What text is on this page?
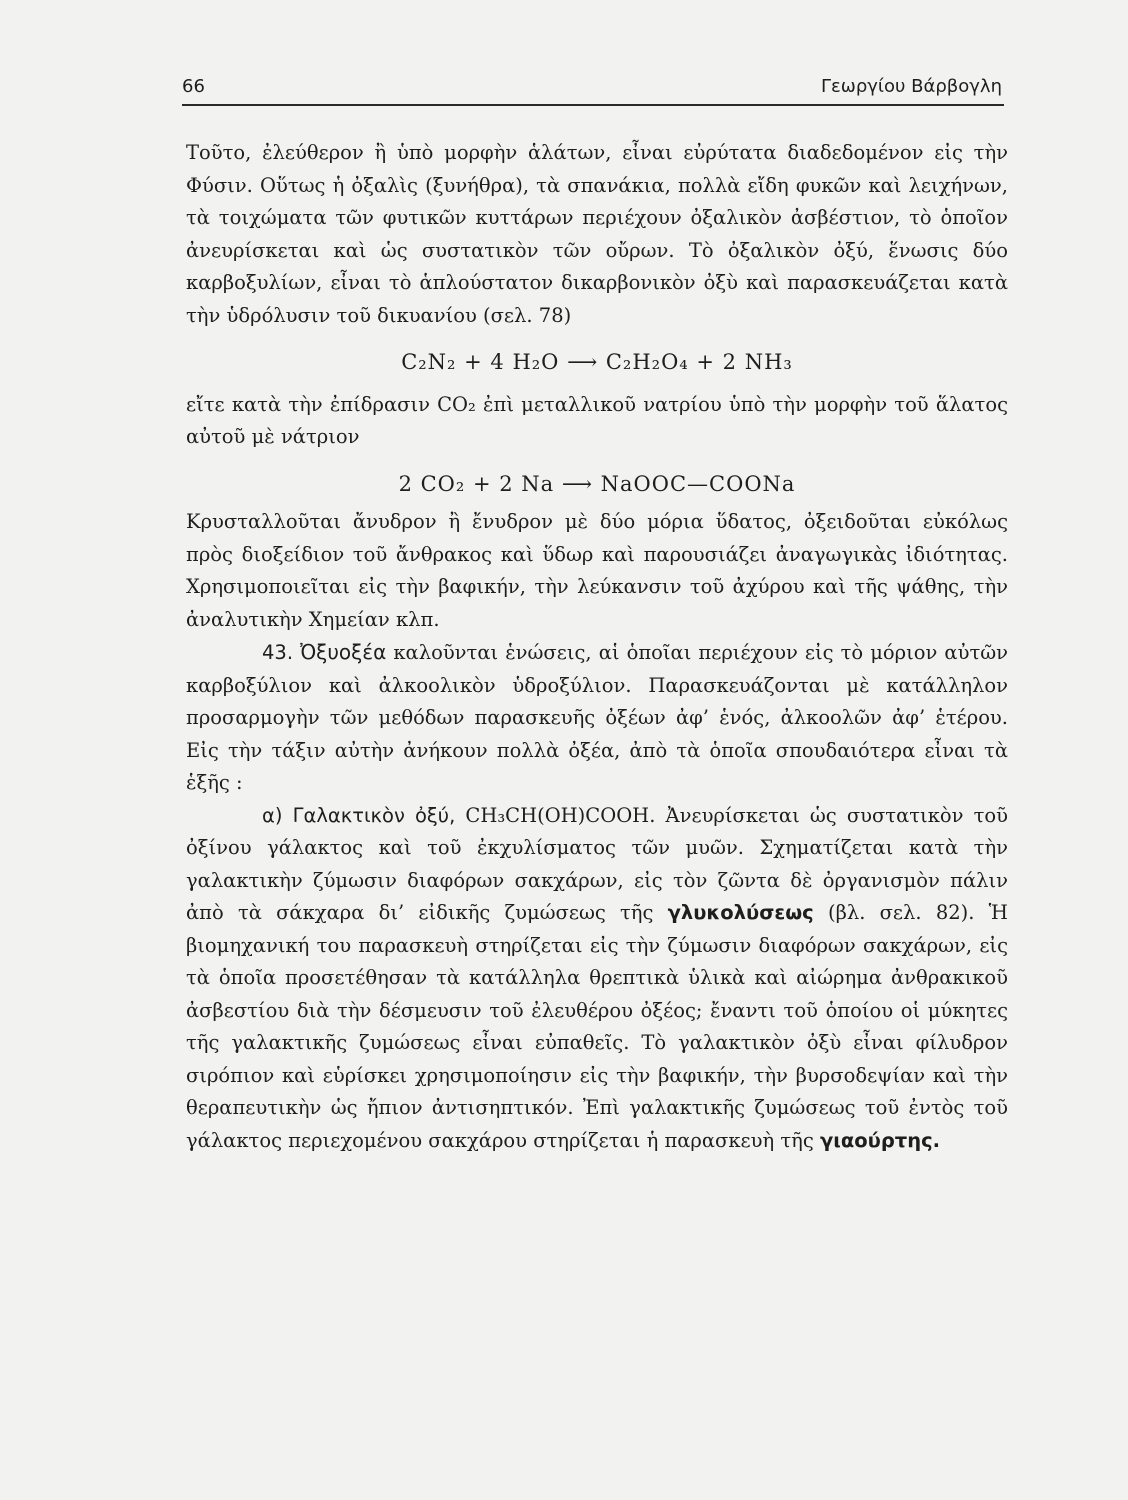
66	Γεωργίου Βάρβογλη

Τοῦτο, ἐλεύθερον ἢ ὑπὸ μορφὴν ἁλάτων, εἶναι εὐρύτατα διαδεδομένον εἰς τὴν Φύσιν. Οὕτως ἡ ὀξαλὶς (ξυνήθρα), τὰ σπανάκια, πολλὰ εἴδη φυκῶν καὶ λειχήνων, τὰ τοιχώματα τῶν φυτικῶν κυττάρων περιέχουν ὀξαλικὸν ἀσβέστιον, τὸ ὁποῖον ἀνευρίσκεται καὶ ὡς συστατικὸν τῶν οὔρων. Τὸ ὀξαλικὸν ὀξύ, ἕνωσις δύο καρβοξυλίων, εἶναι τὸ ἁπλούστατον δικαρβονικὸν ὀξὺ καὶ παρασκευάζεται κατὰ τὴν ὑδρόλυσιν τοῦ δικυανίου (σελ. 78)

C₂N₂ + 4 H₂O ⟶ C₂H₂O₄ + 2 NH₃

εἴτε κατὰ τὴν ἐπίδρασιν CO₂ ἐπὶ μεταλλικοῦ νατρίου ὑπὸ τὴν μορφὴν τοῦ ἅλατος αὐτοῦ μὲ νάτριον

2 CO₂ + 2 Na ⟶ NaOOC—COONa

Κρυσταλλοῦται ἄνυδρον ἢ ἔνυδρον μὲ δύο μόρια ὕδατος, ὀξειδοῦται εὐκόλως πρὸς διοξείδιον τοῦ ἄνθρακος καὶ ὕδωρ καὶ παρουσιάζει ἀναγωγικὰς ἰδιότητας. Χρησιμοποιεῖται εἰς τὴν βαφικήν, τὴν λεύκανσιν τοῦ ἀχύρου καὶ τῆς ψάθης, τὴν ἀναλυτικὴν Χημείαν κλπ.

43. Ὀξυοξέα καλοῦνται ἑνώσεις, αἱ ὁποῖαι περιέχουν εἰς τὸ μόριον αὐτῶν καρβοξύλιον καὶ ἀλκοολικὸν ὑδροξύλιον. Παρασκευάζονται μὲ κατάλληλον προσαρμογὴν τῶν μεθόδων παρασκευῆς ὀξέων ἀφ’ ἑνός, ἀλκοολῶν ἀφ’ ἑτέρου. Εἰς τὴν τάξιν αὐτὴν ἀνήκουν πολλὰ ὀξέα, ἀπὸ τὰ ὁποῖα σπουδαιότερα εἶναι τὰ ἑξῆς :

α) Γαλακτικὸν ὀξύ, CH₃CH(OH)COOH. Ἀνευρίσκεται ὡς συστατικὸν τοῦ ὀξίνου γάλακτος καὶ τοῦ ἐκχυλίσματος τῶν μυῶν. Σχηματίζεται κατὰ τὴν γαλακτικὴν ζύμωσιν διαφόρων σακχάρων, εἰς τὸν ζῶντα δὲ ὀργανισμὸν πάλιν ἀπὸ τὰ σάκχαρα δι’ εἰδικῆς ζυμώσεως τῆς γλυκολύσεως (βλ. σελ. 82). Ἡ βιομηχανική του παρασκευὴ στηρίζεται εἰς τὴν ζύμωσιν διαφόρων σακχάρων, εἰς τὰ ὁποῖα προσετέθησαν τὰ κατάλληλα θρεπτικὰ ὑλικὰ καὶ αἰώρημα ἀνθρακικοῦ ἀσβεστίου διὰ τὴν δέσμευσιν τοῦ ἐλευθέρου ὀξέος; ἔναντι τοῦ ὁποίου οἱ μύκητες τῆς γαλακτικῆς ζυμώσεως εἶναι εὐπαθεῖς. Τὸ γαλακτικὸν ὀξὺ εἶναι φίλυδρον σιρόπιον καὶ εὑρίσκει χρησιμοποίησιν εἰς τὴν βαφικήν, τὴν βυρσοδεψίαν καὶ τὴν θεραπευτικὴν ὡς ἤπιον ἀντισηπτικόν. Ἐπὶ γαλακτικῆς ζυμώσεως τοῦ ἐντὸς τοῦ γάλακτος περιεχομένου σακχάρου στηρίζεται ἡ παρασκευὴ τῆς γιαούρτης.
